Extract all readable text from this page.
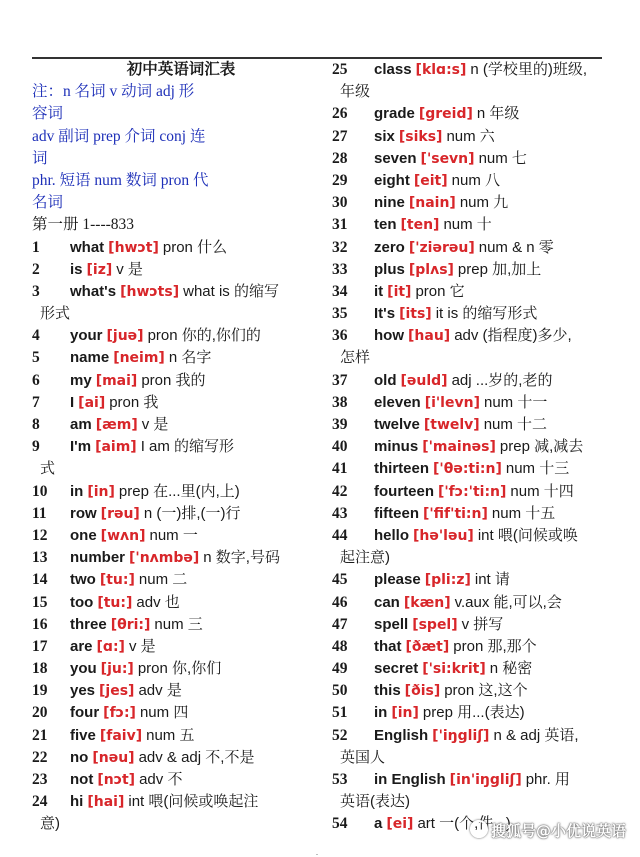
初中英语词汇表
注：n 名词 v 动词 adj 形
容词
adv 副词 prep 介词 conj 连
词
phr. 短语 num 数词 pron 代
名词
第一册 1----833
1 what [hwɔt] pron 什么
2 is [iz] v 是
3 what's [hwɔts] what is 的缩写
形式
4 your [juə] pron 你的,你们的
5 name [neim] n 名字
6 my [mai] pron 我的
7 I [ai] pron 我
8 am [æm] v 是
9 I'm [aim] I am 的缩写形
式
10 in [in] prep 在...里(内,上)
11 row [rəu] n (一)排,(一)行
12 one [wʌn] num 一
13 number ['nʌmbə] n 数字,号码
14 two [tu:] num 二
15 too [tu:] adv 也
16 three [θri:] num 三
17 are [ɑ:] v 是
18 you [ju:] pron 你,你们
19 yes [jes] adv 是
20 four [fɔ:] num 四
21 five [faiv] num 五
22 no [nəu] adv & adj 不,不是
23 not [nɔt] adv 不
24 hi [hai] int 喂(问候或唤起注
意)
25 class [klɑ:s] n (学校里的)班级,
年级
26 grade [greid] n 年级
27 six [siks] num 六
28 seven ['sevn] num 七
29 eight [eit] num 八
30 nine [nain] num 九
31 ten [ten] num 十
32 zero ['ziərəu] num & n 零
33 plus [plʌs] prep 加,加上
34 it [it] pron 它
35 It's [its] it is 的缩写形式
36 how [hau] adv (指程度)多少,
怎样
37 old [əuld] adj ...岁的,老的
38 eleven [i'levn] num 十一
39 twelve [twelv] num 十二
40 minus ['mainəs] prep 减,减去
41 thirteen ['θə:ti:n] num 十三
42 fourteen ['fɔ:'ti:n] num 十四
43 fifteen ['fif'ti:n] num 十五
44 hello [hə'ləu] int 喂(问候或唤
起注意)
45 please [pli:z] int 请
46 can [kæn] v.aux 能,可以,会
47 spell [spel] v 拼写
48 that [ðæt] pron 那,那个
49 secret ['si:krit] n 秘密
50 this [ðis] pron 这,这个
51 in [in] prep 用...(表达)
52 English ['iŋgliʃ] n & adj 英语,
英国人
53 in English [in'iŋgliʃ] phr. 用
英语(表达)
54 a [ei] art 一(个,件...)
搜狐号@小优说英语
.
